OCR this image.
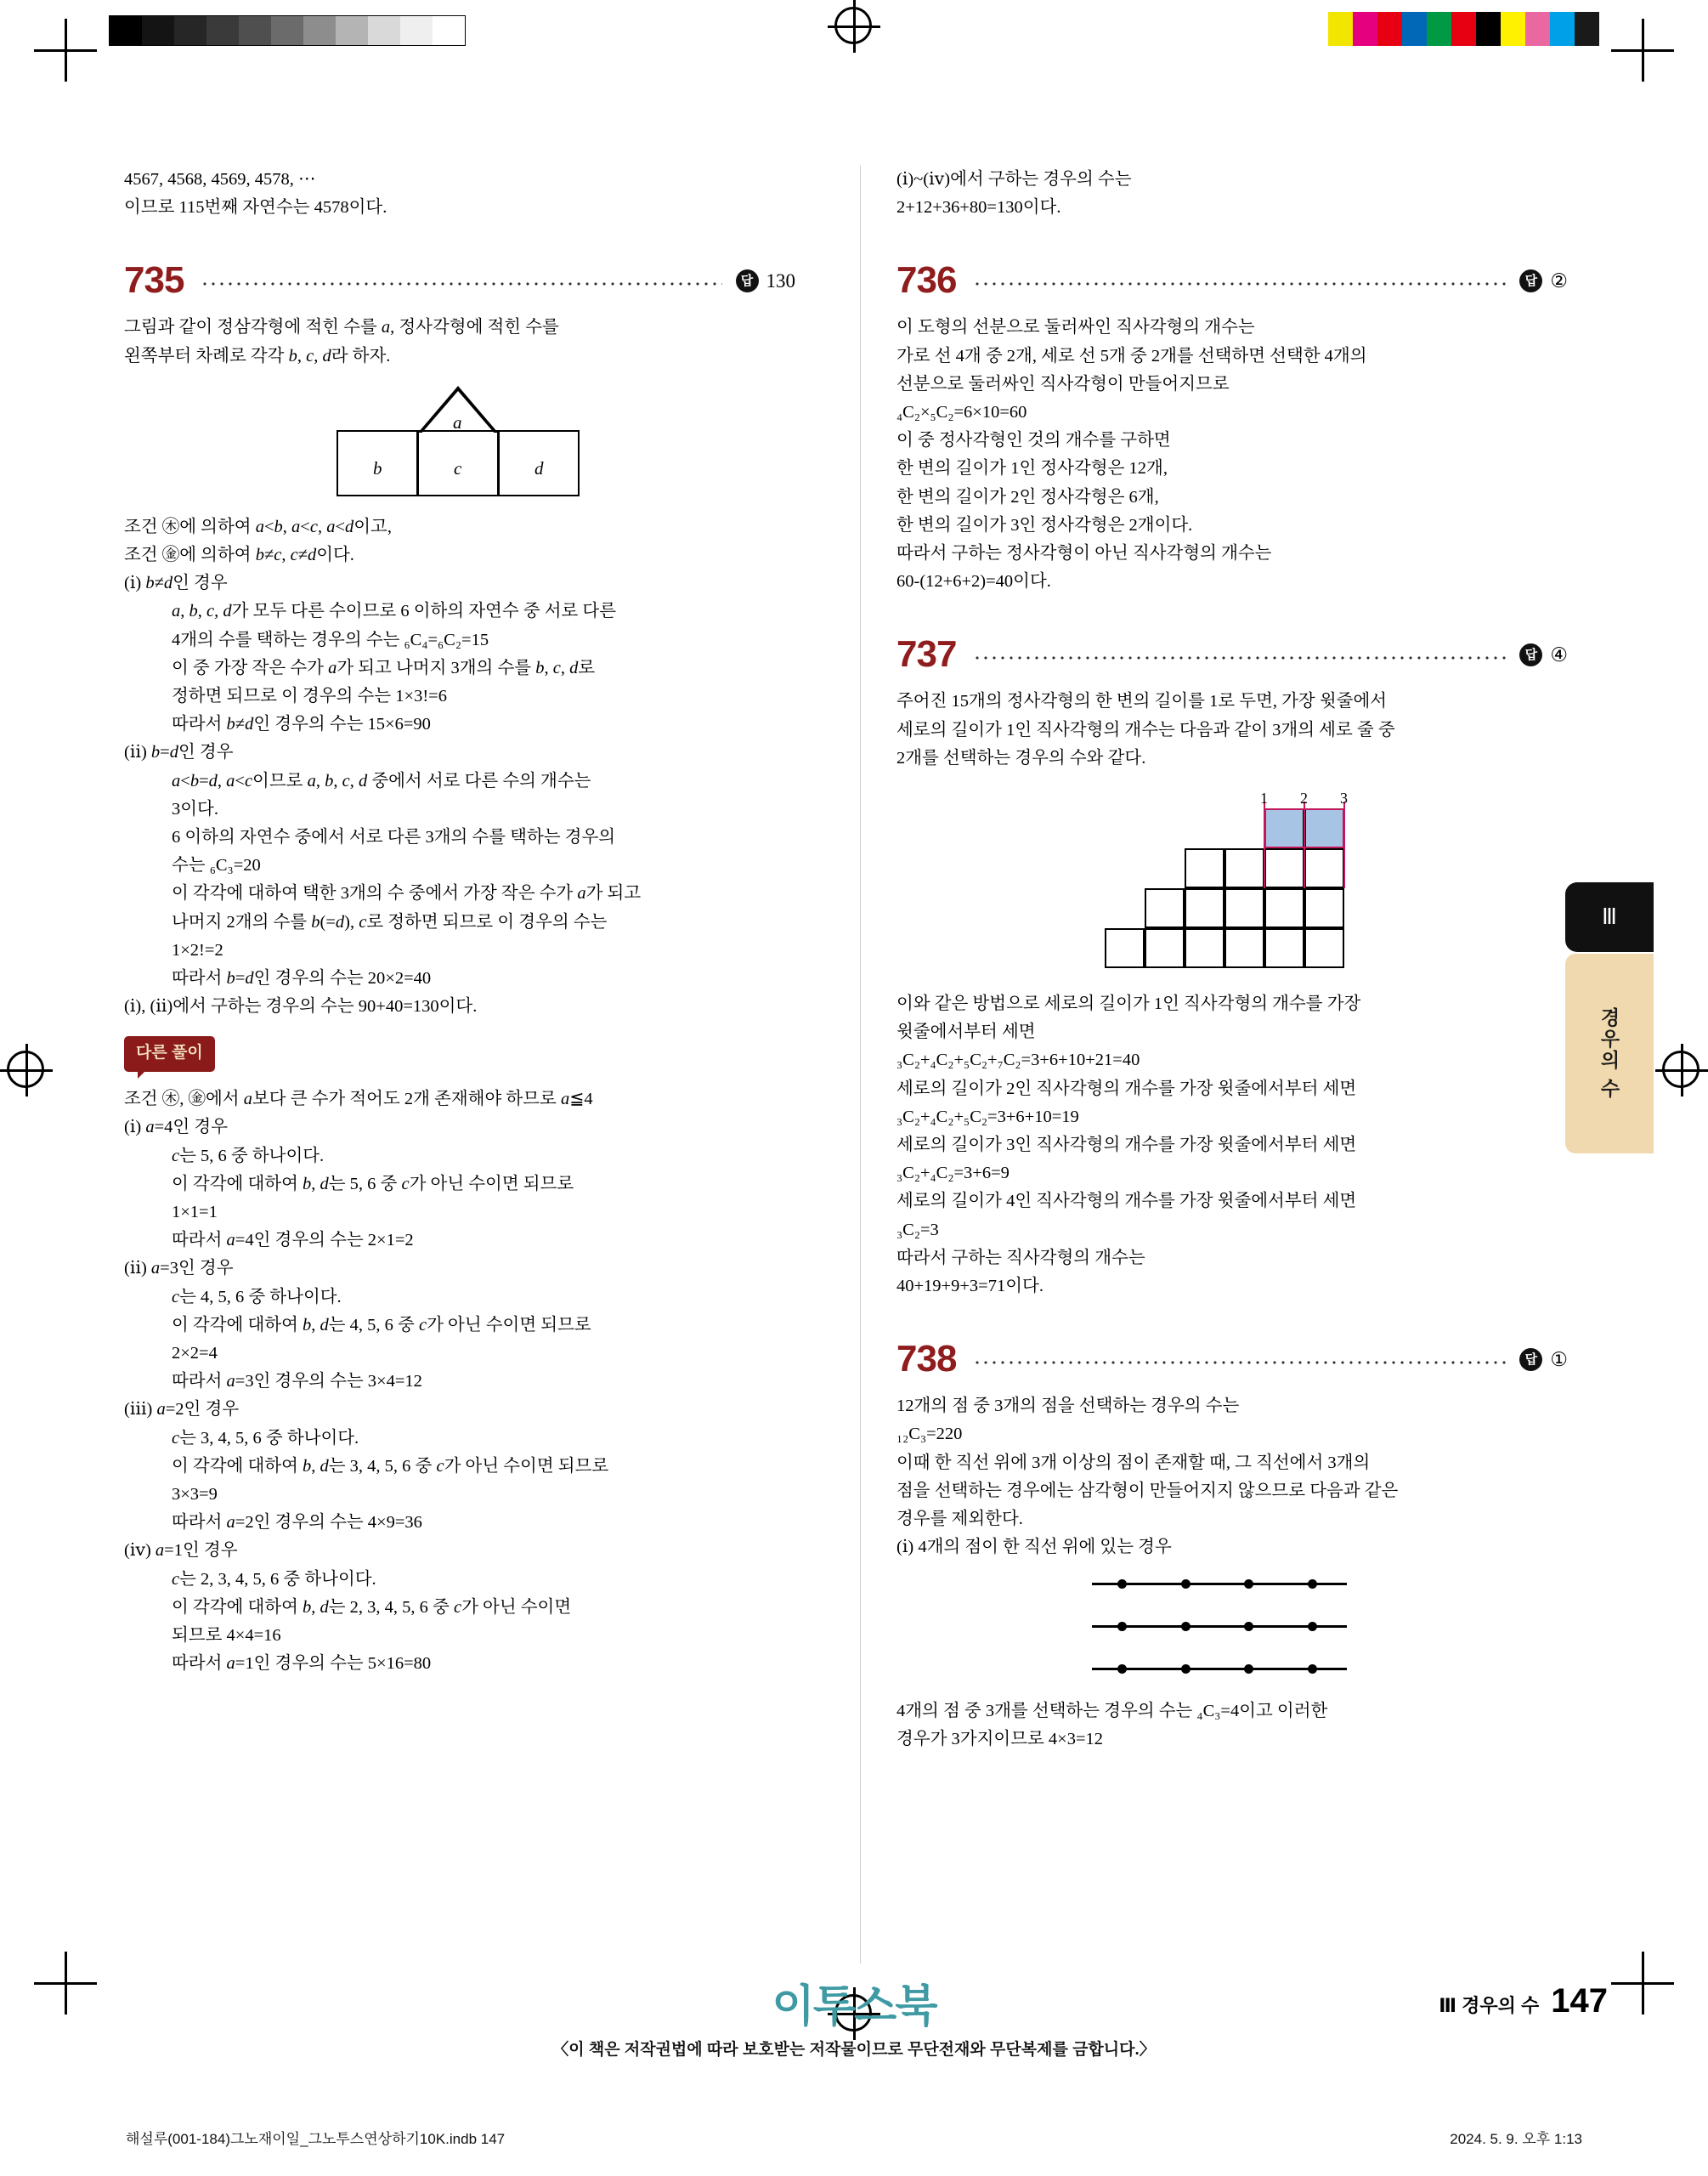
4567, 4568, 4569, 4578, ⋯

이므로 115번째 자연수는 4578이다.

735	답 130

그림과 같이 정삼각형에 적힌 수를 a, 정사각형에 적힌 수를

왼쪽부터 차례로 각각 b, c, d라 하자.

a
b	c	d

조건 ㊍에 의하여 a<b, a<c, a<d이고,

조건 ㊎에 의하여 b≠c, c≠d이다.

(ⅰ) b≠d인 경우

a, b, c, d가 모두 다른 수이므로 6 이하의 자연수 중 서로 다른

4개의 수를 택하는 경우의 수는 ₆C₄=₆C₂=15

이 중 가장 작은 수가 a가 되고 나머지 3개의 수를 b, c, d로

정하면 되므로 이 경우의 수는 1×3!=6

따라서 b≠d인 경우의 수는 15×6=90

(ⅱ) b=d인 경우

a<b=d, a<c이므로 a, b, c, d 중에서 서로 다른 수의 개수는

3이다.

6 이하의 자연수 중에서 서로 다른 3개의 수를 택하는 경우의

수는 ₆C₃=20

이 각각에 대하여 택한 3개의 수 중에서 가장 작은 수가 a가 되고

나머지 2개의 수를 b(=d), c로 정하면 되므로 이 경우의 수는

1×2!=2

따라서 b=d인 경우의 수는 20×2=40

(ⅰ), (ⅱ)에서 구하는 경우의 수는 90+40=130이다.

다른 풀이

조건 ㊍, ㊎에서 a보다 큰 수가 적어도 2개 존재해야 하므로 a≦4

(ⅰ) a=4인 경우

c는 5, 6 중 하나이다.

이 각각에 대하여 b, d는 5, 6 중 c가 아닌 수이면 되므로

1×1=1

따라서 a=4인 경우의 수는 2×1=2

(ⅱ) a=3인 경우

c는 4, 5, 6 중 하나이다.

이 각각에 대하여 b, d는 4, 5, 6 중 c가 아닌 수이면 되므로

2×2=4

따라서 a=3인 경우의 수는 3×4=12

(ⅲ) a=2인 경우

c는 3, 4, 5, 6 중 하나이다.

이 각각에 대하여 b, d는 3, 4, 5, 6 중 c가 아닌 수이면 되므로

3×3=9

따라서 a=2인 경우의 수는 4×9=36

(ⅳ) a=1인 경우

c는 2, 3, 4, 5, 6 중 하나이다.

이 각각에 대하여 b, d는 2, 3, 4, 5, 6 중 c가 아닌 수이면

되므로 4×4=16

따라서 a=1인 경우의 수는 5×16=80

(ⅰ)~(ⅳ)에서 구하는 경우의 수는

2+12+36+80=130이다.

736	답 ②

이 도형의 선분으로 둘러싸인 직사각형의 개수는

가로 선 4개 중 2개, 세로 선 5개 중 2개를 선택하면 선택한 4개의

선분으로 둘러싸인 직사각형이 만들어지므로

₄C₂×₅C₂=6×10=60

이 중 정사각형인 것의 개수를 구하면

한 변의 길이가 1인 정사각형은 12개,

한 변의 길이가 2인 정사각형은 6개,

한 변의 길이가 3인 정사각형은 2개이다.

따라서 구하는 정사각형이 아닌 직사각형의 개수는

60-(12+6+2)=40이다.

737	답 ④

주어진 15개의 정사각형의 한 변의 길이를 1로 두면, 가장 윗줄에서

세로의 길이가 1인 직사각형의 개수는 다음과 같이 3개의 세로 줄 중

2개를 선택하는 경우의 수와 같다.

1 2 3

이와 같은 방법으로 세로의 길이가 1인 직사각형의 개수를 가장

윗줄에서부터 세면

₃C₂+₄C₂+₅C₂+₇C₂=3+6+10+21=40

세로의 길이가 2인 직사각형의 개수를 가장 윗줄에서부터 세면

₃C₂+₄C₂+₅C₂=3+6+10=19

세로의 길이가 3인 직사각형의 개수를 가장 윗줄에서부터 세면

₃C₂+₄C₂=3+6=9

세로의 길이가 4인 직사각형의 개수를 가장 윗줄에서부터 세면

₃C₂=3

따라서 구하는 직사각형의 개수는

40+19+9+3=71이다.

738	답 ①

12개의 점 중 3개의 점을 선택하는 경우의 수는

₁₂C₃=220

이때 한 직선 위에 3개 이상의 점이 존재할 때, 그 직선에서 3개의

점을 선택하는 경우에는 삼각형이 만들어지지 않으므로 다음과 같은

경우를 제외한다.

(ⅰ) 4개의 점이 한 직선 위에 있는 경우

4개의 점 중 3개를 선택하는 경우의 수는 ₄C₃=4이고 이러한

경우가 3가지이므로 4×3=12

Ⅲ
경우의 수
이투스북
〈이 책은 저작권법에 따라 보호받는 저작물이므로 무단전재와 무단복제를 금합니다.〉
Ⅲ 경우의 수 147
해설루(001-184)그노재이일_그노투스연상하기10K.indb 147	2024. 5. 9. 오후 1:13
